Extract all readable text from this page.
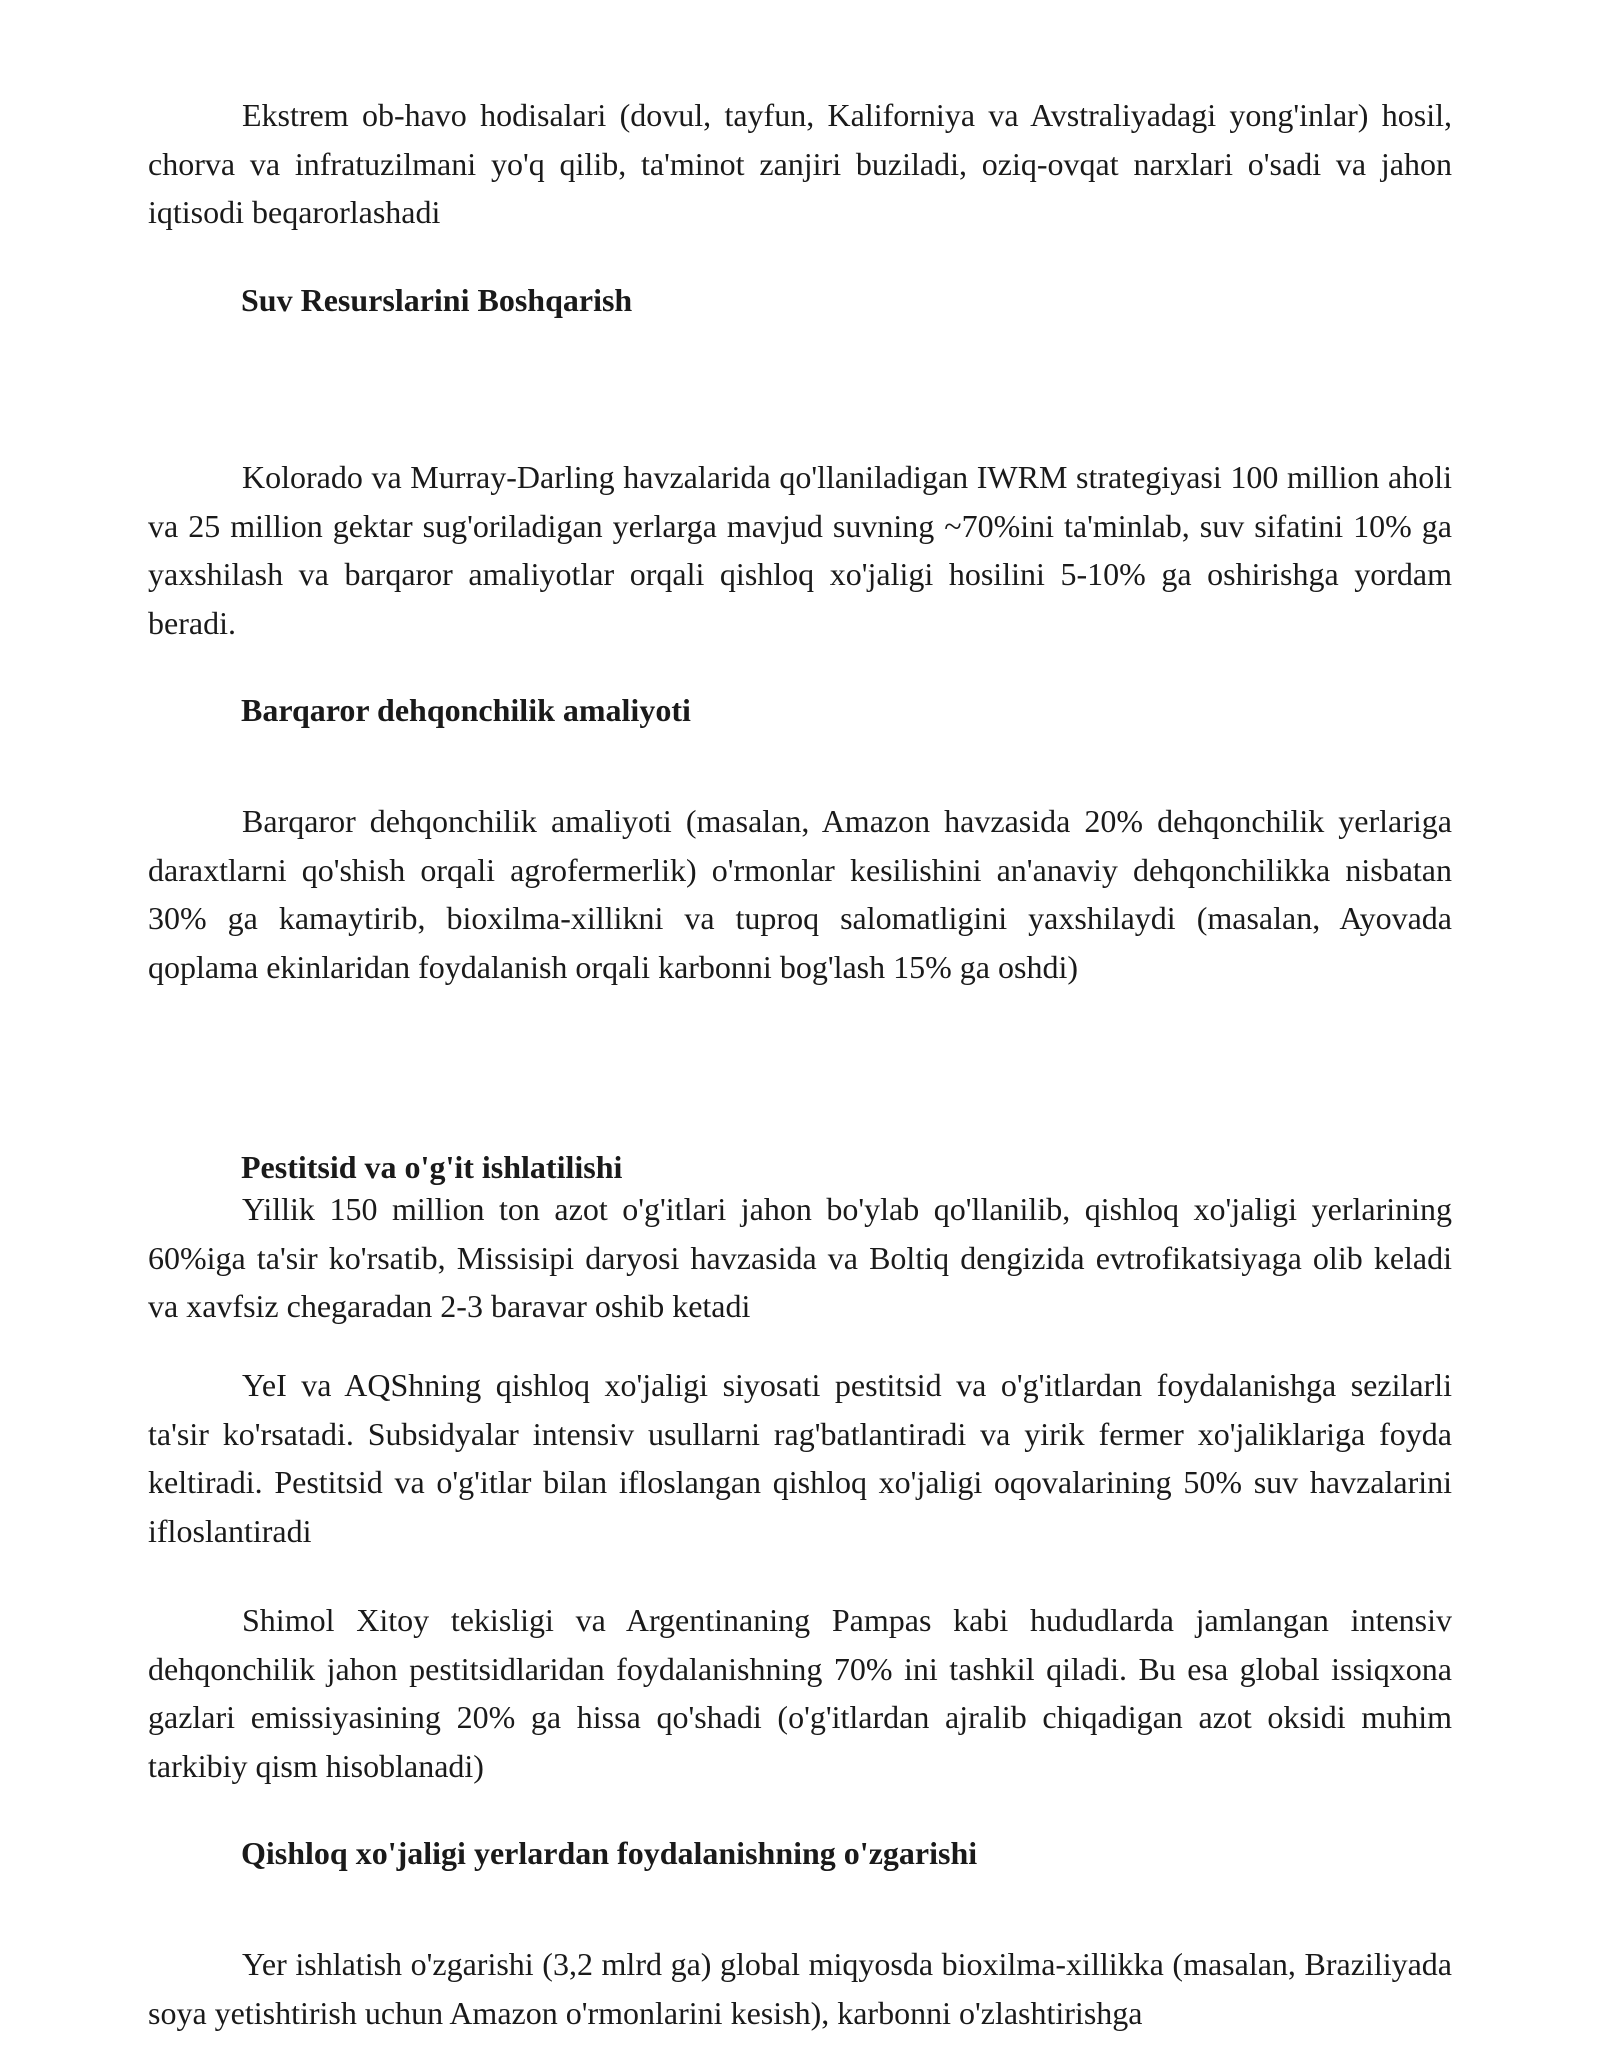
Ekstrem ob-havo hodisalari (dovul, tayfun, Kaliforniya va Avstraliyadagi yong'inlar) hosil, chorva va infratuzilmani yo'q qilib, ta'minot zanjiri buziladi, oziq-ovqat narxlari o'sadi va jahon iqtisodi beqarorlashadi

Suv Resurslarini Boshqarish

Kolorado va Murray-Darling havzalarida qo'llaniladigan IWRM strategiyasi 100 million aholi va 25 million gektar sug'oriladigan yerlarga mavjud suvning ~70%ini ta'minlab, suv sifatini 10% ga yaxshilash va barqaror amaliyotlar orqali qishloq xo'jaligi hosilini 5-10% ga oshirishga yordam beradi.

Barqaror dehqonchilik amaliyoti

Barqaror dehqonchilik amaliyoti (masalan, Amazon havzasida 20% dehqonchilik yerlariga daraxtlarni qo'shish orqali agrofermerlik) o'rmonlar kesilishini an'anaviy dehqonchilikka nisbatan 30% ga kamaytirib, bioxilma-xillikni va tuproq salomatligini yaxshilaydi (masalan, Ayovada qoplama ekinlaridan foydalanish orqali karbonni bog'lash 15% ga oshdi)

Pestitsid va o'g'it ishlatilishi

Yillik 150 million ton azot o'g'itlari jahon bo'ylab qo'llanilib, qishloq xo'jaligi yerlarining 60%iga ta'sir ko'rsatib, Missisipi daryosi havzasida va Boltiq dengizida evtrofikatsiyaga olib keladi va xavfsiz chegaradan 2-3 baravar oshib ketadi

YeI va AQShning qishloq xo'jaligi siyosati pestitsid va o'g'itlardan foydalanishga sezilarli ta'sir ko'rsatadi. Subsidyalar intensiv usullarni rag'batlantiradi va yirik fermer xo'jaliklariga foyda keltiradi. Pestitsid va o'g'itlar bilan ifloslangan qishloq xo'jaligi oqovalarining 50% suv havzalarini ifloslantiradi

Shimol Xitoy tekisligi va Argentinaning Pampas kabi hududlarda jamlangan intensiv dehqonchilik jahon pestitsidlaridan foydalanishning 70% ini tashkil qiladi. Bu esa global issiqxona gazlari emissiyasining 20% ga hissa qo'shadi (o'g'itlardan ajralib chiqadigan azot oksidi muhim tarkibiy qism hisoblanadi)

Qishloq xo'jaligi yerlardan foydalanishning o'zgarishi

Yer ishlatish o'zgarishi (3,2 mlrd ga) global miqyosda bioxilma-xillikka (masalan, Braziliyada soya yetishtirish uchun Amazon o'rmonlarini kesish), karbonni o'zlashtirishga
